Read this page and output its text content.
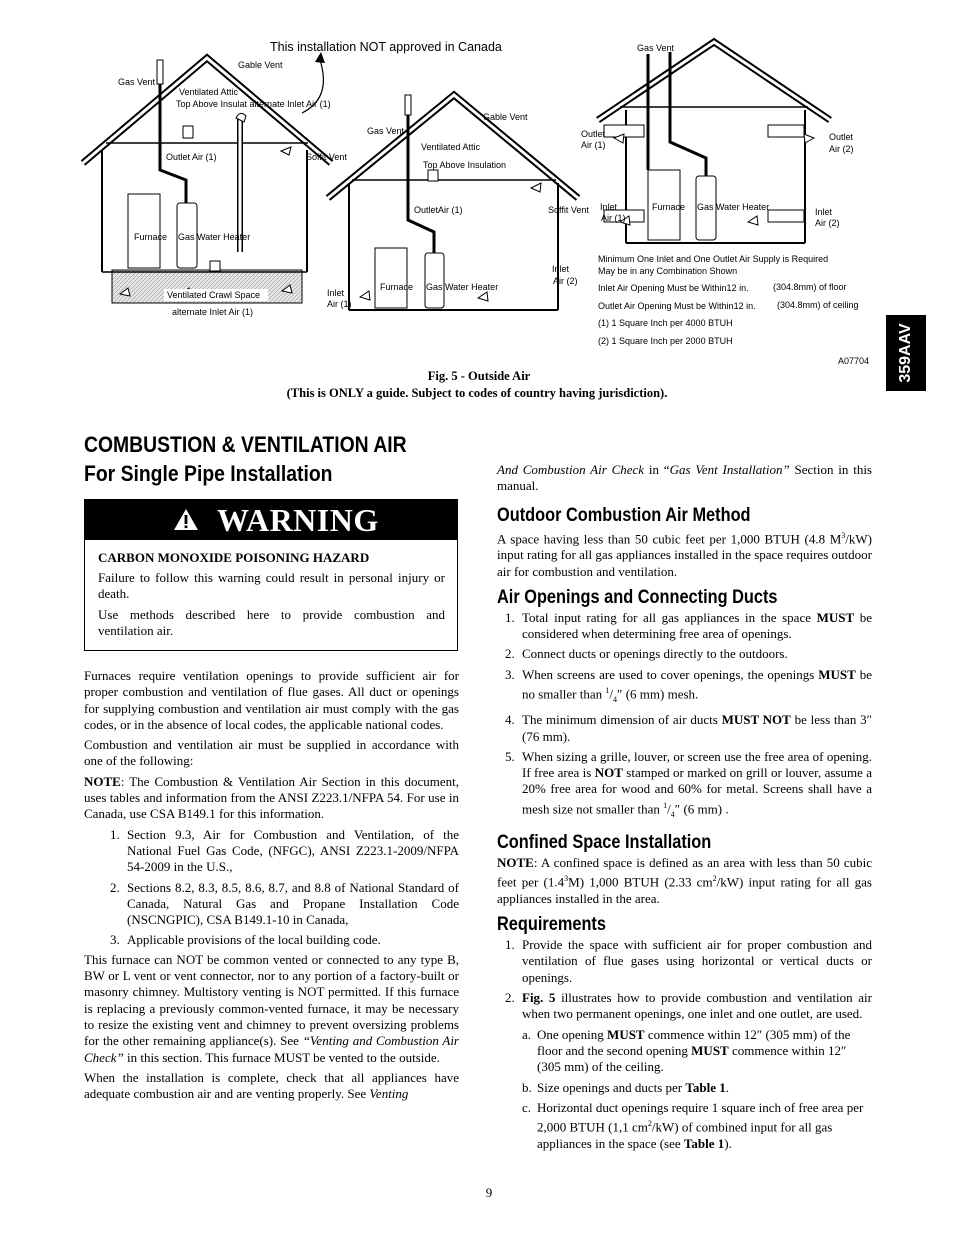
This installation NOT approved in Canada
Gas Vent
Gable Vent
Ventilated Attic
Top Above Insulat alternate Inlet Air (1)
Outlet Air (1)	Soffit Vent
Furnace Gas Water Heater
Ventilated Crawl Space
alternate Inlet Air (1)
Gas Vent
Gable Vent
Ventilated Attic
Top Above Insulation
OutletAir (1)	Soffit Vent
Furnace Gas Water Heater
Inlet
Air (1)
Inlet
Air (2)
Gas Vent
Outlet
Air (1)
Outlet
Air (2)
Inlet
Air (1)
Inlet
Air (2)
Furnace Gas Water Heater
Minimum One Inlet and One Outlet Air Supply is Required
May be in any Combination Shown
Inlet Air Opening Must be Within12 in.	(304.8mm) of floor
Outlet Air Opening Must be Within12 in. (304.8mm) of ceiling
(1) 1 Square Inch per 4000 BTUH
(2) 1 Square Inch per 2000 BTUH
A07704
Fig. 5 - Outside Air
(This is ONLY a guide. Subject to codes of country having jurisdiction).
359AAV
COMBUSTION & VENTILATION AIR
For Single Pipe Installation
WARNING
CARBON MONOXIDE POISONING HAZARD

Failure to follow this warning could result in personal injury or death.

Use methods described here to provide combustion and ventilation air.

Furnaces require ventilation openings to provide sufficient air for proper combustion and ventilation of flue gases. All duct or openings for supplying combustion and ventilation air must comply with the gas codes, or in the absence of local codes, the applicable national codes.

Combustion and ventilation air must be supplied in accordance with one of the following:

NOTE: The Combustion & Ventilation Air Section in this document, uses tables and information from the ANSI Z223.1/NFPA 54. For use in Canada, use CSA B149.1 for this information.

1. Section 9.3, Air for Combustion and Ventilation, of the National Fuel Gas Code, (NFGC), ANSI Z223.1-2009/NFPA 54-2009 in the U.S.,
2. Sections 8.2, 8.3, 8.5, 8.6, 8.7, and 8.8 of National Standard of Canada, Natural Gas and Propane Installation Code (NSCNGPIC), CSA B149.1-10 in Canada,
3. Applicable provisions of the local building code.

This furnace can NOT be common vented or connected to any type B, BW or L vent or vent connector, nor to any portion of a factory-built or masonry chimney. Multistory venting is NOT permitted. If this furnace is replacing a previously common-vented furnace, it may be necessary to resize the existing vent and chimney to prevent oversizing problems for the other remaining appliance(s). See “Venting and Combustion Air Check” in this section. This furnace MUST be vented to the outside.

When the installation is complete, check that all appliances have adequate combustion air and are venting properly. See Venting

And Combustion Air Check in “Gas Vent Installation” Section in this manual.

Outdoor Combustion Air Method

A space having less than 50 cubic feet per 1,000 BTUH (4.8 $M^3/kW$) input rating for all gas appliances installed in the space requires outdoor air for combustion and ventilation.

Air Openings and Connecting Ducts
1. Total input rating for all gas appliances in the space MUST be considered when determining free area of openings.
2. Connect ducts or openings directly to the outdoors.
3. When screens are used to cover openings, the openings MUST be no smaller than $^1/_4''$ (6 mm) mesh.
4. The minimum dimension of air ducts MUST NOT be less than 3″ (76 mm).
5. When sizing a grille, louver, or screen use the free area of opening. If free area is NOT stamped or marked on grill or louver, assume a 20% free area for wood and 60% for metal. Screens shall have a mesh size not smaller than $^1/_4''$ (6 mm) .
Confined Space Installation

NOTE: A confined space is defined as an area with less than 50 cubic feet per $(1.4^3M)$ 1,000 BTUH (2.33 $cm^2/kW$) input rating for all gas appliances installed in the area.

Requirements
1. Provide the space with sufficient air for proper combustion and ventilation of flue gases using horizontal or vertical ducts or openings.
2. Fig. 5 illustrates how to provide combustion and ventilation air when two permanent openings, one inlet and one outlet, are used.
a. One opening MUST commence within 12″ (305 mm) of the floor and the second opening MUST commence within 12″ (305 mm) of the ceiling.
b. Size openings and ducts per Table 1.
c. Horizontal duct openings require 1 square inch of free area per 2,000 BTUH (1,1 $cm^2/kW$) of combined input for all gas appliances in the space (see Table 1).
9
